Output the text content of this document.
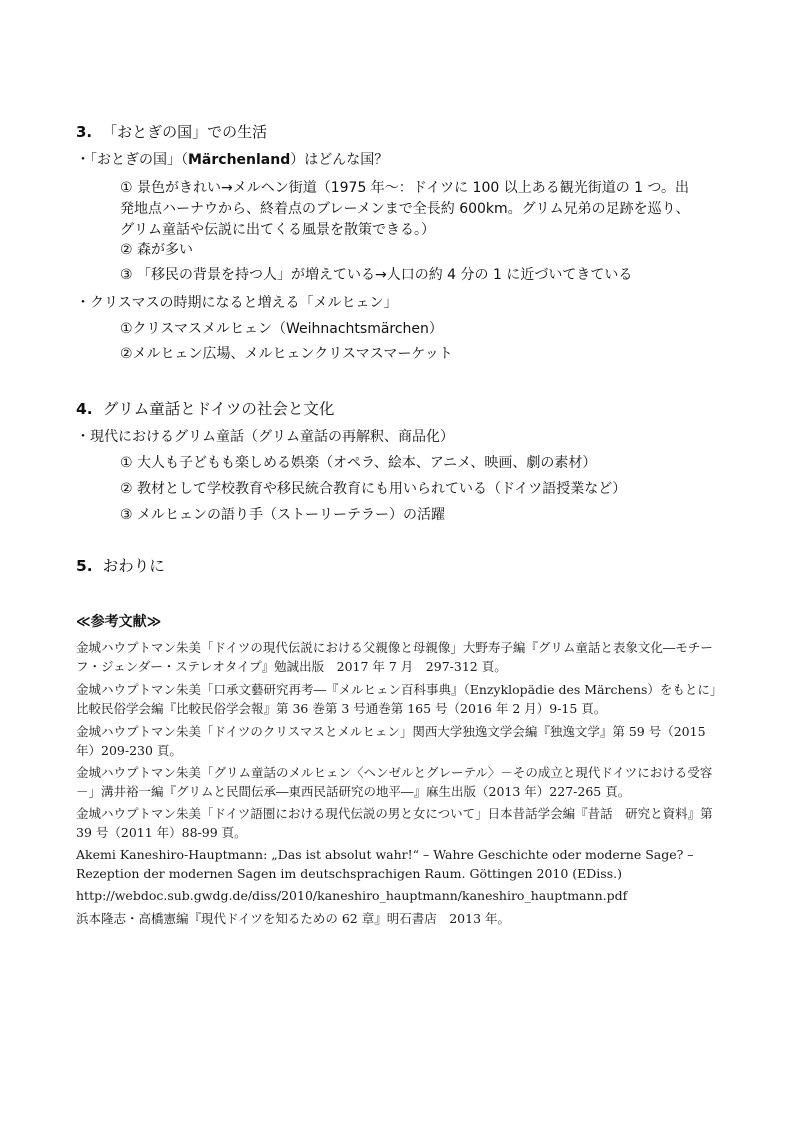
3. 「おとぎの国」での生活
・「おとぎの国」（Märchenland）はどんな国？
① 景色がきれい→メルヘン街道（1975 年～：ドイツに 100 以上ある観光街道の 1 つ。出発地点ハーナウから、終着点のブレーメンまで全長約 600km。グリム兄弟の足跡を巡り、グリム童話や伝説に出てくる風景を散策できる。）
② 森が多い
③ 「移民の背景を持つ人」が増えている→人口の約 4 分の 1 に近づいてきている
・クリスマスの時期になると増える「メルヒェン」
①クリスマスメルヒェン（Weihnachtsmärchen）
②メルヒェン広場、メルヒェンクリスマスマーケット
4. グリム童話とドイツの社会と文化
・現代におけるグリム童話（グリム童話の再解釈、商品化）
① 大人も子どもも楽しめる娯楽（オペラ、絵本、アニメ、映画、劇の素材）
② 教材として学校教育や移民統合教育にも用いられている（ドイツ語授業など）
③ メルヒェンの語り手（ストーリーテラー）の活躍
5. おわりに
≪参考文献≫
金城ハウプトマン朱美「ドイツの現代伝説における父親像と母親像」大野寿子編『グリム童話と表象文化―モチーフ・ジェンダー・ステレオタイプ』勉誠出版　2017 年 7 月　297-312 頁。
金城ハウプトマン朱美「口承文藝研究再考―『メルヒェン百科事典』（Enzyklopädie des Märchens）をもとに」比較民俗学会編『比較民俗学会報』第 36 巻第 3 号通巻第 165 号（2016 年 2 月）9-15 頁。
金城ハウプトマン朱美「ドイツのクリスマスとメルヒェン」関西大学独逸文学会編『独逸文学』第 59 号（2015 年）209-230 頁。
金城ハウプトマン朱美「グリム童話のメルヒェン〈ヘンゼルとグレーテル〉－その成立と現代ドイツにおける受容－」溝井裕一編『グリムと民間伝承―東西民話研究の地平―』麻生出版（2013 年）227-265 頁。
金城ハウプトマン朱美「ドイツ語圏における現代伝説の男と女について」日本昔話学会編『昔話　研究と資料』第 39 号（2011 年）88-99 頁。
Akemi Kaneshiro-Hauptmann: „Das ist absolut wahr!“ – Wahre Geschichte oder moderne Sage? – Rezeption der modernen Sagen im deutschsprachigen Raum. Göttingen 2010 (EDiss.)
http://webdoc.sub.gwdg.de/diss/2010/kaneshiro_hauptmann/kaneshiro_hauptmann.pdf
浜本隆志・高橋憲編『現代ドイツを知るための 62 章』明石書店　2013 年。
